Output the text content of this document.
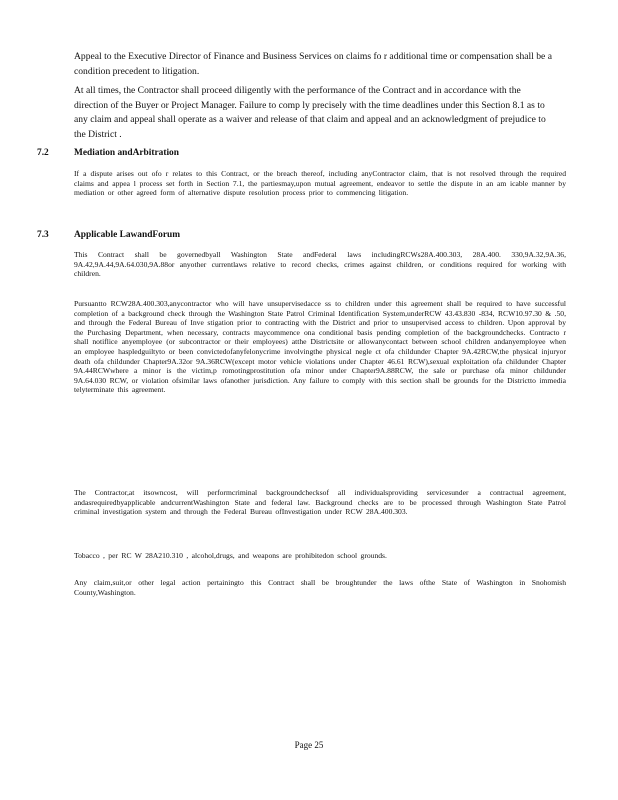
Appeal to the Executive Director of Finance and Business Services on claims fo r additional time or compensation shall be a condition precedent to litigation.

At all times, the Contractor shall proceed diligently with the performance of the Contract and in accordance with the direction of the Buyer or Project Manager. Failure to comp ly precisely with the time deadlines under this Section 8.1 as to any claim and appeal shall operate as a waiver and release of that claim and appeal and an acknowledgment of prejudice to the District .

7.2	Mediation andArbitration

If a dispute arises out ofo r relates to this Contract, or the breach thereof, including anyContractor claim, that is not resolved through the required claims and appea l process set forth in Section 7.1, the partiesmay,upon mutual agreement, endeavor to settle the dispute in an am icable manner by mediation or other agreed form of alternative dispute resolution process prior to commencing litigation.

7.3	Applicable LawandForum

This Contract shall be governedbyall Washington State andFederal laws includingRCWs28A.400.303, 28A.400. 330,9A.32,9A.36, 9A.42,9A.44,9A.64.030,9A.88or anyother currentlaws relative to record checks, crimes against children, or conditions required for working with children.

Pursuantto RCW28A.400.303,anycontractor who will have unsupervisedacce ss to children under this agreement shall be required to have successful completion of a background check through the Washington State Patrol Criminal Identification System,underRCW 43.43.830 -834, RCW10.97.30 & .50, and through the Federal Bureau of Inve stigation prior to contracting with the District and prior to unsupervised access to children. Upon approval by the Purchasing Department, when necessary, contracts maycommence ona conditional basis pending completion of the backgroundchecks. Contracto r shall notiflice anyemployee (or subcontractor or their employees) atthe Districtsite or allowanycontact between school children andanyemployee when an employee haspledguiltyto or been convictedofanyfelonycrime involvingthe physical negle ct ofa childunder Chapter 9A.42RCW,the physical injuryor death ofa childunder Chapter9A.32or 9A.36RCW(except motor vehicle violations under Chapter 46.61 RCW),sexual exploitation ofa childunder Chapter 9A.44RCWwhere a minor is the victim,p romotingprostitution ofa minor under Chapter9A.88RCW, the sale or purchase ofa minor childunder 9A.64.030 RCW, or violation ofsimilar laws ofanother jurisdiction. Any failure to comply with this section shall be grounds for the Districtto immedia telyterminate this agreement.

The Contractor,at itsowncost, will performcriminal backgroundchecksof all individualsproviding servicesunder a contractual agreement, andasrequiredbyapplicable andcurrentWashington State and federal law. Background checks are to be processed through Washington State Patrol criminal investigation system and through the Federal Bureau ofInvestigation under RCW 28A.400.303.

Tobacco , per RC W 28A210.310 , alcohol,drugs, and weapons are prohibitedon school grounds.

Any claim,suit,or other legal action pertainingto this Contract shall be broughtunder the laws ofthe State of Washington in Snohomish County,Washington.

Page 25
